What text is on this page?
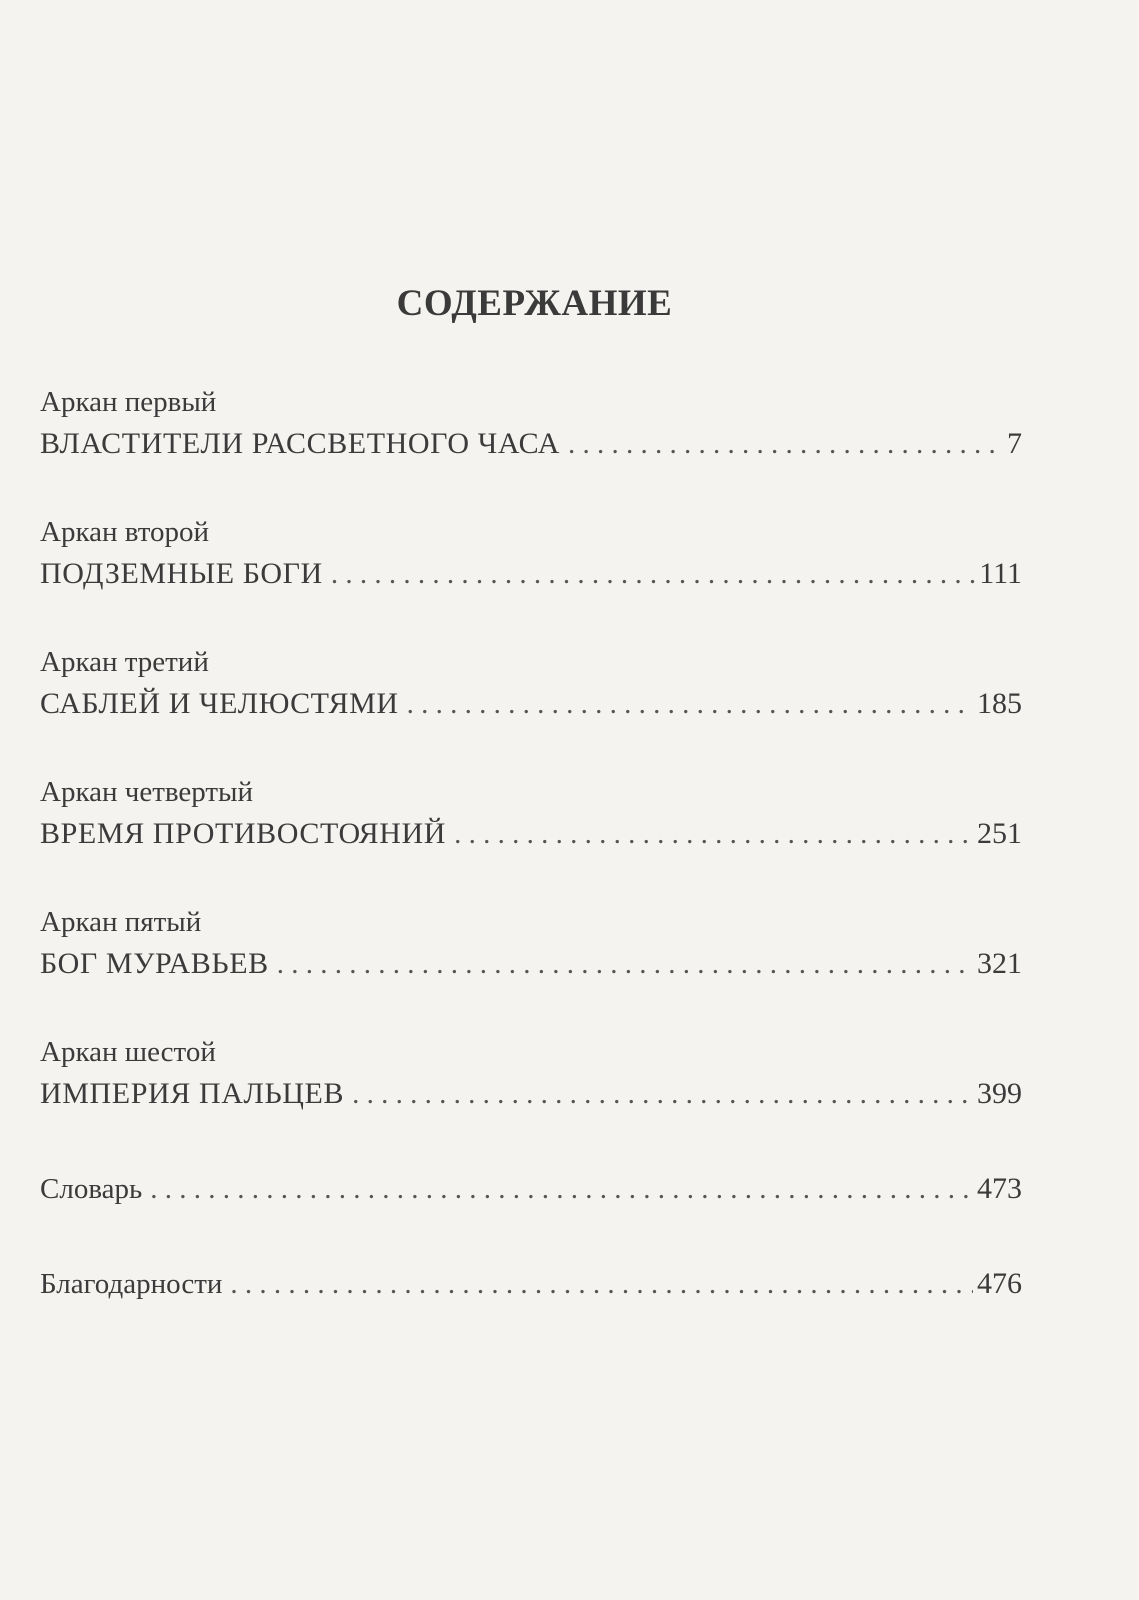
СОДЕРЖАНИЕ
Аркан первый
ВЛАСТИТЕЛИ РАССВЕТНОГО ЧАСА . . .	7
Аркан второй
ПОДЗЕМНЫЕ БОГИ . . .	111
Аркан третий
САБЛЕЙ И ЧЕЛЮСТЯМИ . . .	185
Аркан четвертый
ВРЕМЯ ПРОТИВОСТОЯНИЙ . . .	251
Аркан пятый
БОГ МУРАВЬЕВ . . .	321
Аркан шестой
ИМПЕРИЯ ПАЛЬЦЕВ . . .	399
Словарь . . .	473
Благодарности . . .	476
